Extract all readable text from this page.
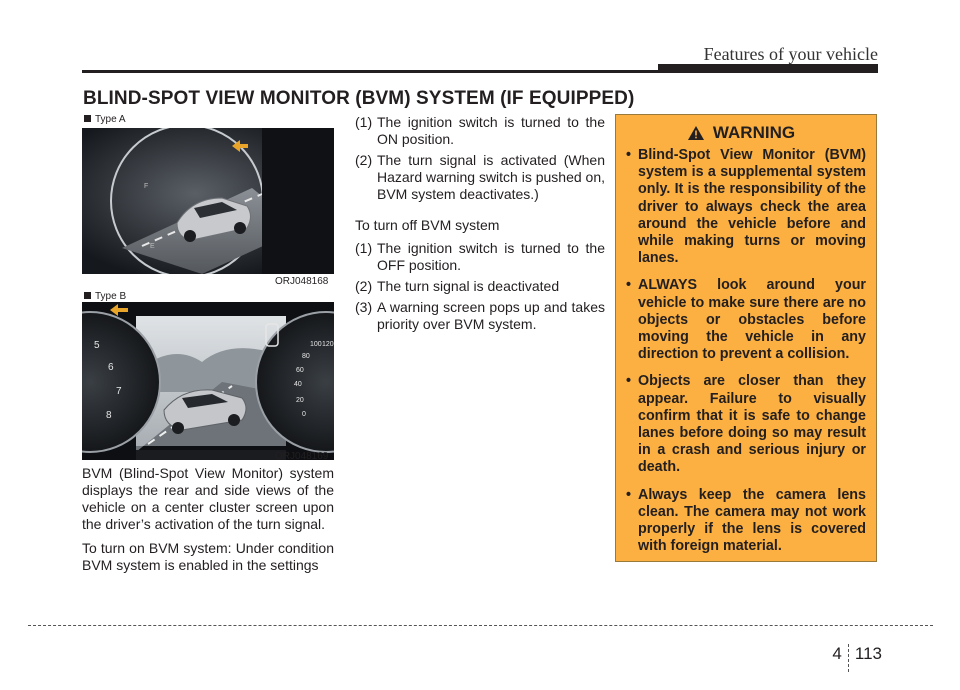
Features of your vehicle
BLIND-SPOT VIEW MONITOR (BVM) SYSTEM (IF EQUIPPED)
Type A
F
E
ORJ048168
Type B
5
6
7
8
120
100
80
60
40
20
0
ORJ048169

BVM (Blind-Spot View Monitor) system displays the rear and side views of the vehicle on a center cluster screen upon the driver’s activation of the turn signal.

To turn on BVM system: Under condition BVM system is enabled in the settings

(1) The ignition switch is turned to the ON position.
(2) The turn signal is activated (When Hazard warning switch is pushed on, BVM system deactivates.)
To turn off BVM system
(1) The ignition switch is turned to the OFF position.
(2) The turn signal is deactivated
(3) A warning screen pops up and takes priority over BVM system.
WARNING
• Blind-Spot View Monitor (BVM) system is a supplemental system only. It is the responsibility of the driver to always check the area around the vehicle before and while making turns or moving lanes.
• ALWAYS look around your vehicle to make sure there are no objects or obstacles before moving the vehicle in any direction to prevent a collision.
• Objects are closer than they appear. Failure to visually confirm that it is safe to change lanes before doing so may result in a crash and serious injury or death.
• Always keep the camera lens clean. The camera may not work properly if the lens is covered with foreign material.
4 113
